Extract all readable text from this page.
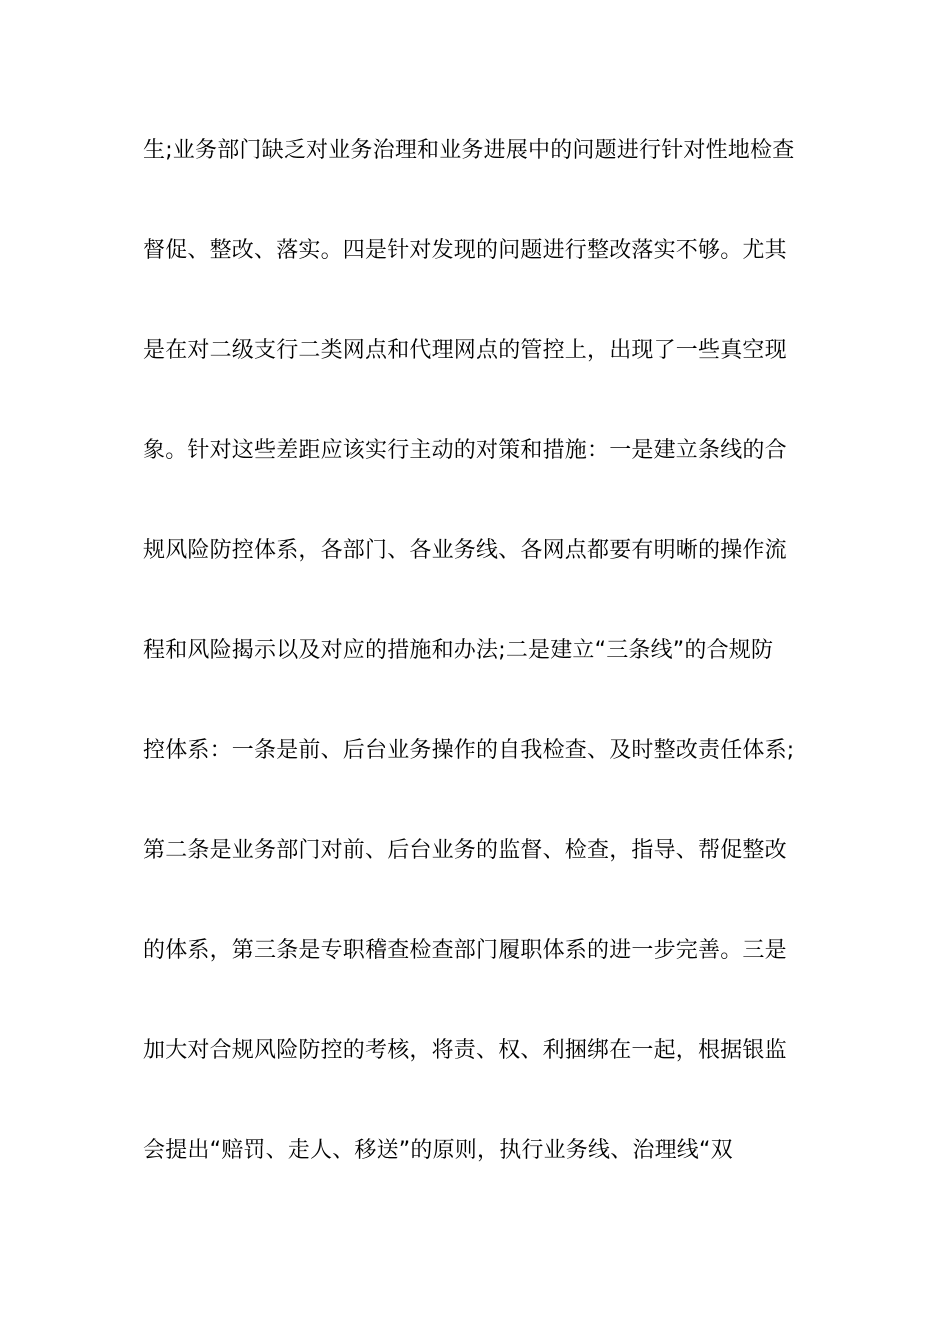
生;业务部门缺乏对业务治理和业务进展中的问题进行针对性地检查
督促、整改、落实。四是针对发现的问题进行整改落实不够。尤其
是在对二级支行二类网点和代理网点的管控上，出现了一些真空现
象。针对这些差距应该实行主动的对策和措施：一是建立条线的合
规风险防控体系，各部门、各业务线、各网点都要有明晰的操作流
程和风险揭示以及对应的措施和办法;二是建立“三条线”的合规防
控体系：一条是前、后台业务操作的自我检查、及时整改责任体系;
第二条是业务部门对前、后台业务的监督、检查，指导、帮促整改
的体系，第三条是专职稽查检查部门履职体系的进一步完善。三是
加大对合规风险防控的考核，将责、权、利捆绑在一起，根据银监
会提出“赔罚、走人、移送”的原则，执行业务线、治理线“双
